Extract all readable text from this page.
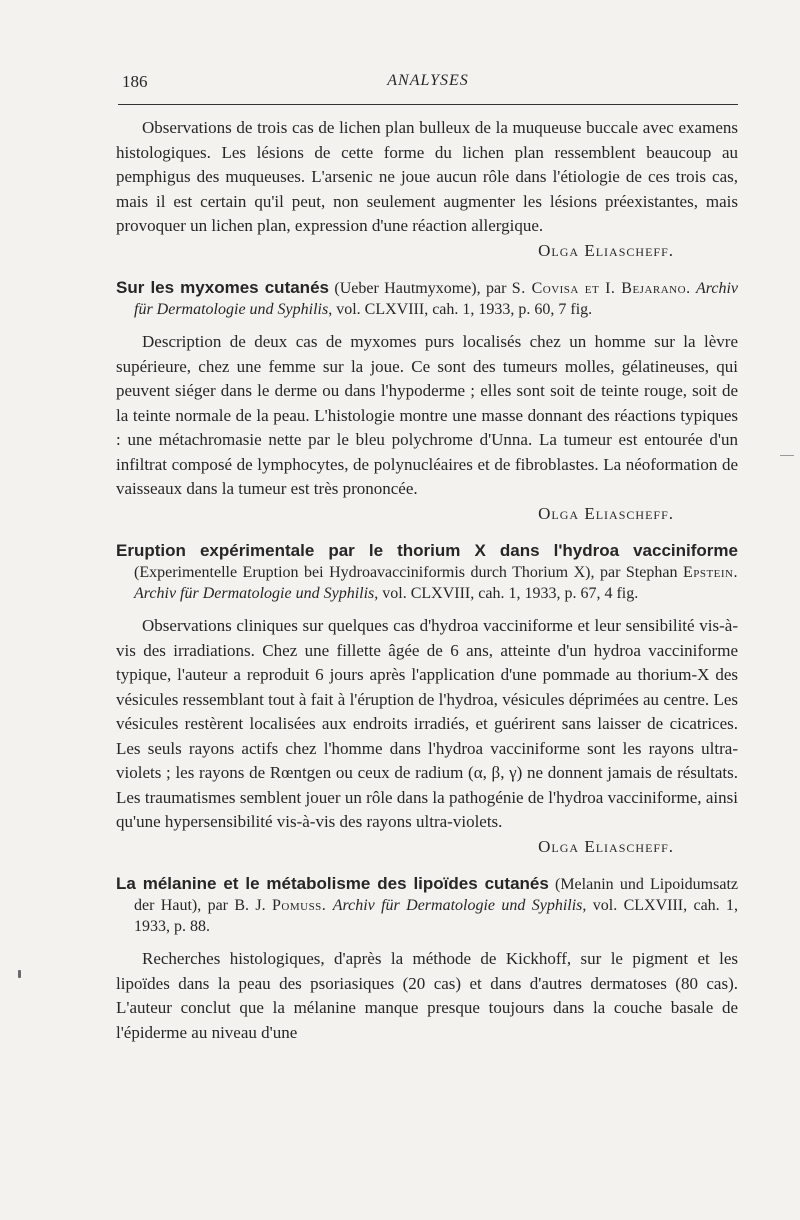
186	ANALYSES

Observations de trois cas de lichen plan bulleux de la muqueuse buccale avec examens histologiques. Les lésions de cette forme du lichen plan ressemblent beaucoup au pemphigus des muqueuses. L'arsenic ne joue aucun rôle dans l'étiologie de ces trois cas, mais il est certain qu'il peut, non seulement augmenter les lésions préexistantes, mais provoquer un lichen plan, expression d'une réaction allergique.

Olga Eliascheff.

Sur les myxomes cutanés (Ueber Hautmyxome), par S. Covisa et I. Bejarano. Archiv für Dermatologie und Syphilis, vol. CLXVIII, cah. 1, 1933, p. 60, 7 fig.

Description de deux cas de myxomes purs localisés chez un homme sur la lèvre supérieure, chez une femme sur la joue. Ce sont des tumeurs molles, gélatineuses, qui peuvent siéger dans le derme ou dans l'hypoderme ; elles sont soit de teinte rouge, soit de la teinte normale de la peau. L'histologie montre une masse donnant des réactions typiques : une métachromasie nette par le bleu polychrome d'Unna. La tumeur est entourée d'un infiltrat composé de lymphocytes, de polynucléaires et de fibroblastes. La néoformation de vaisseaux dans la tumeur est très prononcée.

Olga Eliascheff.

Eruption expérimentale par le thorium X dans l'hydroa vacciniforme (Experimentelle Eruption bei Hydroavacciniformis durch Thorium X), par Stephan Epstein. Archiv für Dermatologie und Syphilis, vol. CLXVIII, cah. 1, 1933, p. 67, 4 fig.

Observations cliniques sur quelques cas d'hydroa vacciniforme et leur sensibilité vis-à-vis des irradiations. Chez une fillette âgée de 6 ans, atteinte d'un hydroa vacciniforme typique, l'auteur a reproduit 6 jours après l'application d'une pommade au thorium-X des vésicules ressemblant tout à fait à l'éruption de l'hydroa, vésicules déprimées au centre. Les vésicules restèrent localisées aux endroits irradiés, et guérirent sans laisser de cicatrices. Les seuls rayons actifs chez l'homme dans l'hydroa vacciniforme sont les rayons ultra-violets ; les rayons de Rœntgen ou ceux de radium (α, β, γ) ne donnent jamais de résultats. Les traumatismes semblent jouer un rôle dans la pathogénie de l'hydroa vacciniforme, ainsi qu'une hypersensibilité vis-à-vis des rayons ultra-violets.

Olga Eliascheff.

La mélanine et le métabolisme des lipoïdes cutanés (Melanin und Lipoidumsatz der Haut), par B. J. Pomuss. Archiv für Dermatologie und Syphilis, vol. CLXVIII, cah. 1, 1933, p. 88.

Recherches histologiques, d'après la méthode de Kickhoff, sur le pigment et les lipoïdes dans la peau des psoriasiques (20 cas) et dans d'autres dermatoses (80 cas). L'auteur conclut que la mélanine manque presque toujours dans la couche basale de l'épiderme au niveau d'une
